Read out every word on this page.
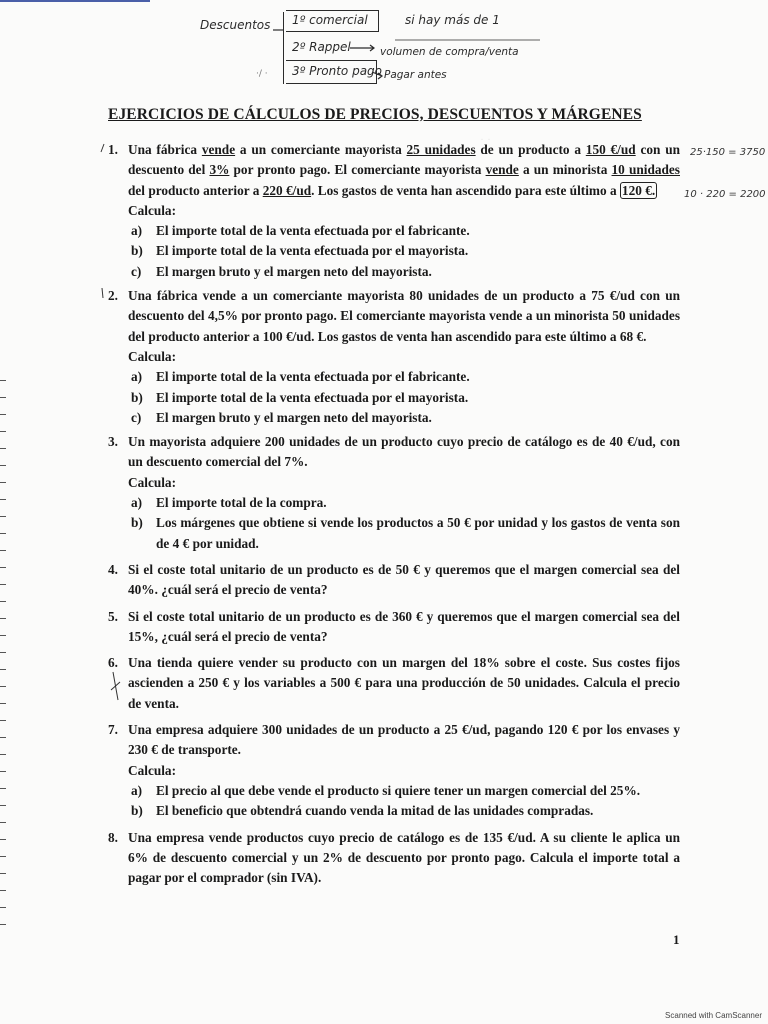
Descuentos 1º comercial
2º Rappel
3º Pronto pago
si hay más de 1
volumen de compra/venta
Pagar antes
·/ ·
· ·
EJERCICIOS DE CÁLCULOS DE PRECIOS, DESCUENTOS Y MÁRGENES
25·150 = 3750
10 · 220 = 2200
1. Una fábrica vende a un comerciante mayorista 25 unidades de un producto a 150 €/ud con un descuento del 3% por pronto pago. El comerciante mayorista vende a un minorista 10 unidades del producto anterior a 220 €/ud. Los gastos de venta han ascendido para este último a 120 €.
Calcula:
a) El importe total de la venta efectuada por el fabricante.
b) El importe total de la venta efectuada por el mayorista.
c) El margen bruto y el margen neto del mayorista.
2. Una fábrica vende a un comerciante mayorista 80 unidades de un producto a 75 €/ud con un descuento del 4,5% por pronto pago. El comerciante mayorista vende a un minorista 50 unidades del producto anterior a 100 €/ud. Los gastos de venta han ascendido para este último a 68 €.
Calcula:
a) El importe total de la venta efectuada por el fabricante.
b) El importe total de la venta efectuada por el mayorista.
c) El margen bruto y el margen neto del mayorista.
3. Un mayorista adquiere 200 unidades de un producto cuyo precio de catálogo es de 40 €/ud, con un descuento comercial del 7%.
Calcula:
a) El importe total de la compra.
b) Los márgenes que obtiene si vende los productos a 50 € por unidad y los gastos de venta son de 4 € por unidad.
4. Si el coste total unitario de un producto es de 50 € y queremos que el margen comercial sea del 40%. ¿cuál será el precio de venta?
5. Si el coste total unitario de un producto es de 360 € y queremos que el margen comercial sea del 15%, ¿cuál será el precio de venta?
6. Una tienda quiere vender su producto con un margen del 18% sobre el coste. Sus costes fijos ascienden a 250 € y los variables a 500 € para una producción de 50 unidades. Calcula el precio de venta.
7. Una empresa adquiere 300 unidades de un producto a 25 €/ud, pagando 120 € por los envases y 230 € de transporte.
Calcula:
a) El precio al que debe vende el producto si quiere tener un margen comercial del 25%.
b) El beneficio que obtendrá cuando venda la mitad de las unidades compradas.
8. Una empresa vende productos cuyo precio de catálogo es de 135 €/ud. A su cliente le aplica un 6% de descuento comercial y un 2% de descuento por pronto pago. Calcula el importe total a pagar por el comprador (sin IVA).
1
Scanned with CamScanner
